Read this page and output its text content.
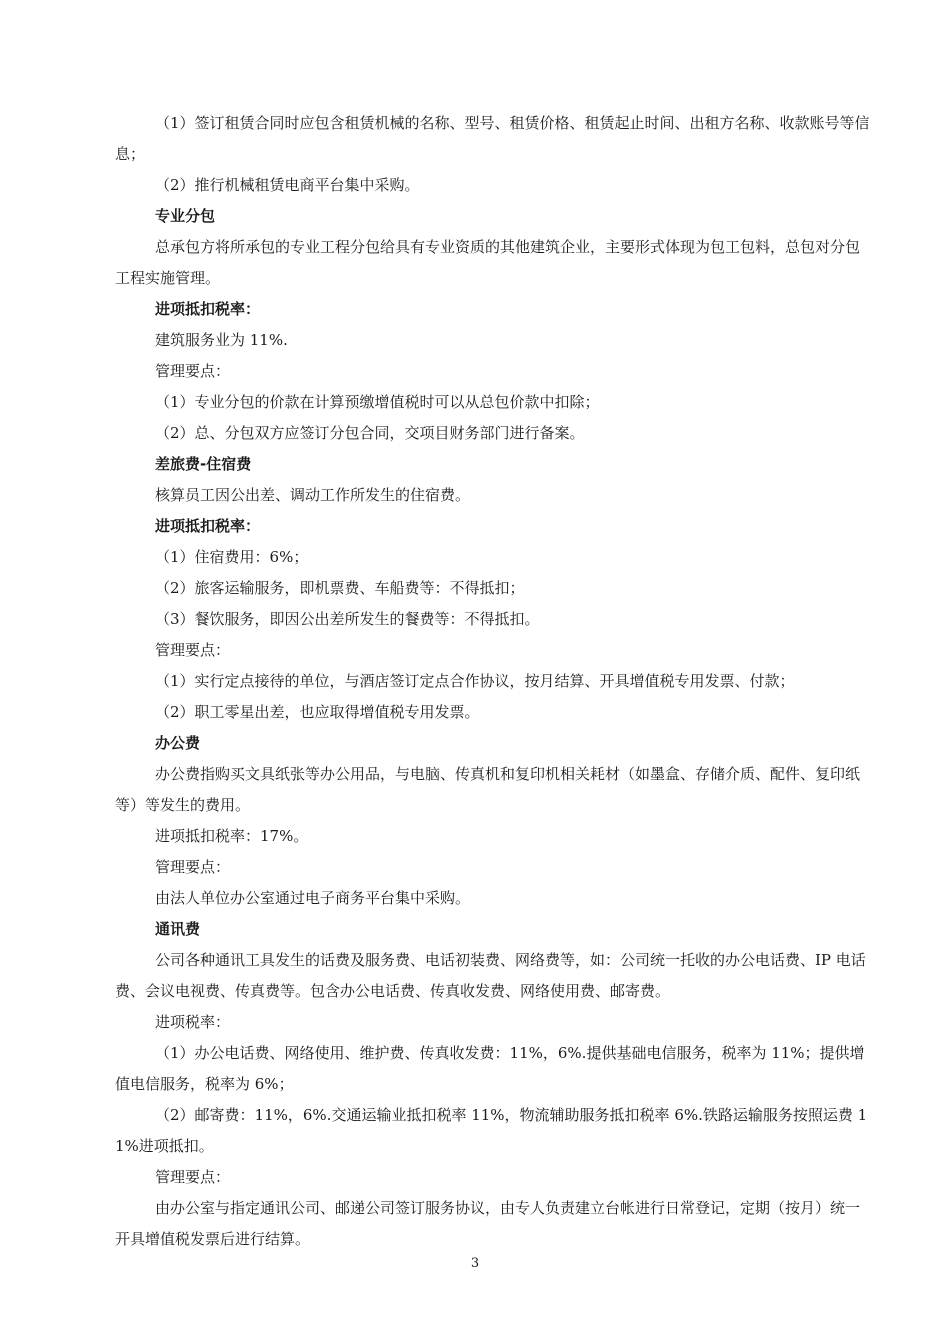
（1）签订租赁合同时应包含租赁机械的名称、型号、租赁价格、租赁起止时间、出租方名称、收款账号等信息；

（2）推行机械租赁电商平台集中采购。

专业分包

总承包方将所承包的专业工程分包给具有专业资质的其他建筑企业，主要形式体现为包工包料，总包对分包工程实施管理。

进项抵扣税率：

建筑服务业为 11%.

管理要点：

（1）专业分包的价款在计算预缴增值税时可以从总包价款中扣除；

（2）总、分包双方应签订分包合同，交项目财务部门进行备案。

差旅费-住宿费

核算员工因公出差、调动工作所发生的住宿费。

进项抵扣税率：

（1）住宿费用：6%；

（2）旅客运输服务，即机票费、车船费等：不得抵扣；

（3）餐饮服务，即因公出差所发生的餐费等：不得抵扣。

管理要点：

（1）实行定点接待的单位，与酒店签订定点合作协议，按月结算、开具增值税专用发票、付款；

（2）职工零星出差，也应取得增值税专用发票。

办公费

办公费指购买文具纸张等办公用品，与电脑、传真机和复印机相关耗材（如墨盒、存储介质、配件、复印纸等）等发生的费用。

进项抵扣税率：17%。

管理要点：

由法人单位办公室通过电子商务平台集中采购。

通讯费

公司各种通讯工具发生的话费及服务费、电话初装费、网络费等，如：公司统一托收的办公电话费、IP 电话费、会议电视费、传真费等。包含办公电话费、传真收发费、网络使用费、邮寄费。

进项税率：

（1）办公电话费、网络使用、维护费、传真收发费：11%，6%.提供基础电信服务，税率为 11%；提供增值电信服务，税率为 6%；

（2）邮寄费：11%，6%.交通运输业抵扣税率 11%，物流辅助服务抵扣税率 6%.铁路运输服务按照运费 11%进项抵扣。

管理要点：

由办公室与指定通讯公司、邮递公司签订服务协议，由专人负责建立台帐进行日常登记，定期（按月）统一开具增值税发票后进行结算。

3
